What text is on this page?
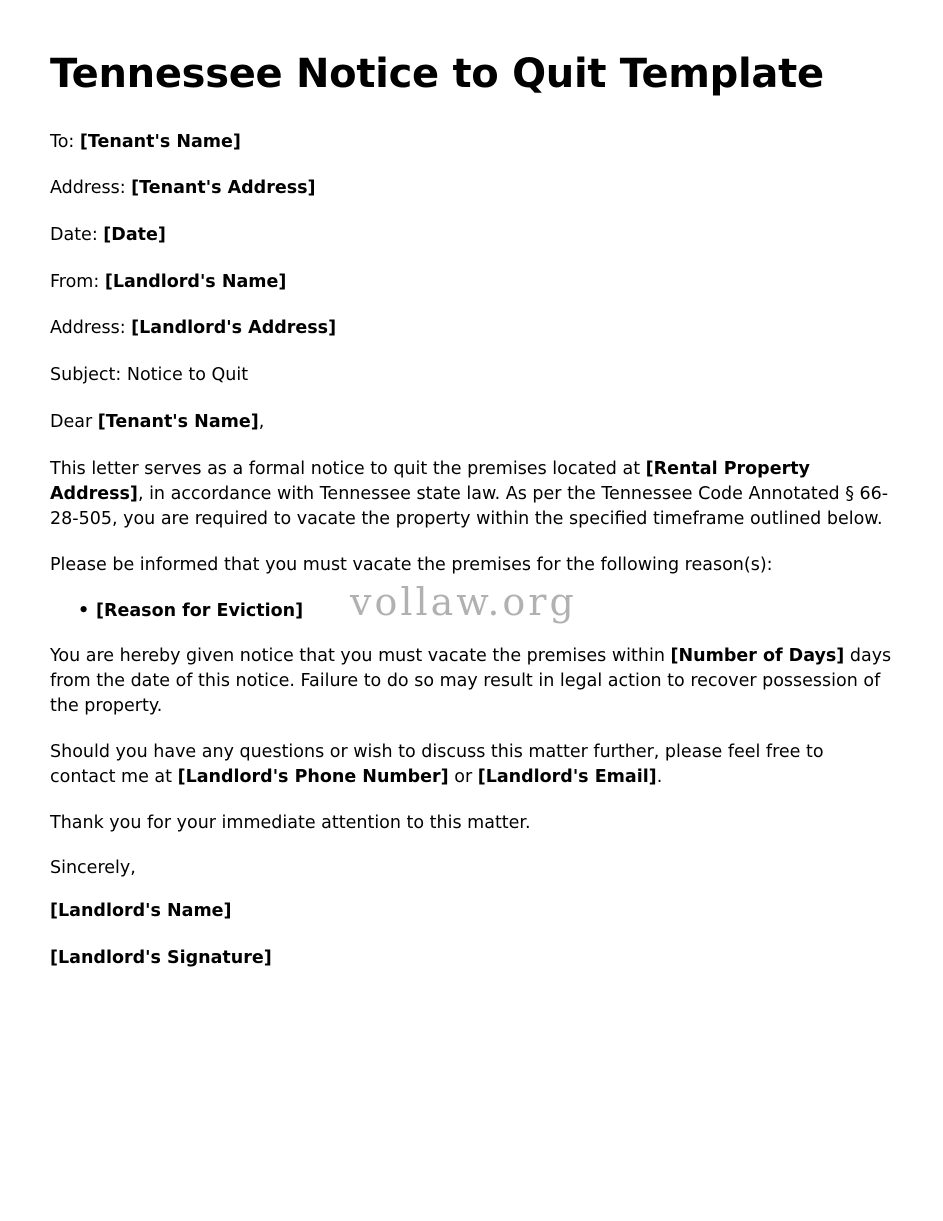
Tennessee Notice to Quit Template

To: [Tenant's Name]

Address: [Tenant's Address]

Date: [Date]

From: [Landlord's Name]

Address: [Landlord's Address]

Subject: Notice to Quit

Dear [Tenant's Name],

This letter serves as a formal notice to quit the premises located at [Rental Property Address], in accordance with Tennessee state law. As per the Tennessee Code Annotated § 66-28-505, you are required to vacate the property within the specified timeframe outlined below.

Please be informed that you must vacate the premises for the following reason(s):

• [Reason for Eviction]

You are hereby given notice that you must vacate the premises within [Number of Days] days from the date of this notice. Failure to do so may result in legal action to recover possession of the property.

Should you have any questions or wish to discuss this matter further, please feel free to contact me at [Landlord's Phone Number] or [Landlord's Email].

Thank you for your immediate attention to this matter.

Sincerely,

[Landlord's Name]

[Landlord's Signature]

vollaw.org
